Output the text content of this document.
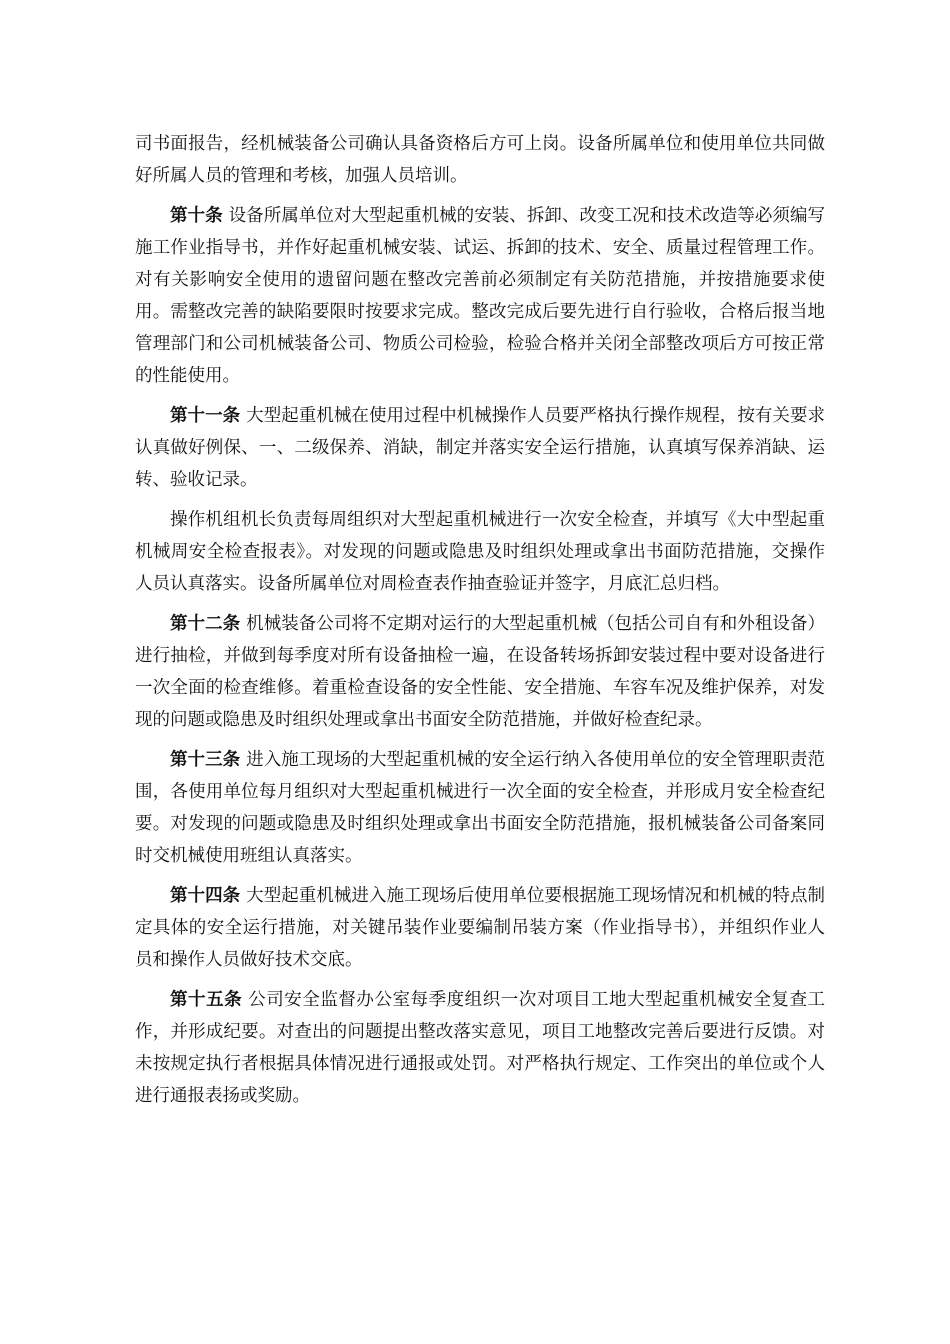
司书面报告，经机械装备公司确认具备资格后方可上岗。设备所属单位和使用单位共同做好所属人员的管理和考核，加强人员培训。

第十条 设备所属单位对大型起重机械的安装、拆卸、改变工况和技术改造等必须编写施工作业指导书，并作好起重机械安装、试运、拆卸的技术、安全、质量过程管理工作。对有关影响安全使用的遗留问题在整改完善前必须制定有关防范措施，并按措施要求使用。需整改完善的缺陷要限时按要求完成。整改完成后要先进行自行验收，合格后报当地管理部门和公司机械装备公司、物质公司检验，检验合格并关闭全部整改项后方可按正常的性能使用。

第十一条 大型起重机械在使用过程中机械操作人员要严格执行操作规程，按有关要求认真做好例保、一、二级保养、消缺，制定并落实安全运行措施，认真填写保养消缺、运转、验收记录。

操作机组机长负责每周组织对大型起重机械进行一次安全检查，并填写《大中型起重机械周安全检查报表》。对发现的问题或隐患及时组织处理或拿出书面防范措施，交操作人员认真落实。设备所属单位对周检查表作抽查验证并签字，月底汇总归档。

第十二条 机械装备公司将不定期对运行的大型起重机械（包括公司自有和外租设备）进行抽检，并做到每季度对所有设备抽检一遍，在设备转场拆卸安装过程中要对设备进行一次全面的检查维修。着重检查设备的安全性能、安全措施、车容车况及维护保养，对发现的问题或隐患及时组织处理或拿出书面安全防范措施，并做好检查纪录。

第十三条 进入施工现场的大型起重机械的安全运行纳入各使用单位的安全管理职责范围，各使用单位每月组织对大型起重机械进行一次全面的安全检查，并形成月安全检查纪要。对发现的问题或隐患及时组织处理或拿出书面安全防范措施，报机械装备公司备案同时交机械使用班组认真落实。

第十四条 大型起重机械进入施工现场后使用单位要根据施工现场情况和机械的特点制定具体的安全运行措施，对关键吊装作业要编制吊装方案（作业指导书），并组织作业人员和操作人员做好技术交底。

第十五条 公司安全监督办公室每季度组织一次对项目工地大型起重机械安全复查工作，并形成纪要。对查出的问题提出整改落实意见，项目工地整改完善后要进行反馈。对未按规定执行者根据具体情况进行通报或处罚。对严格执行规定、工作突出的单位或个人进行通报表扬或奖励。
